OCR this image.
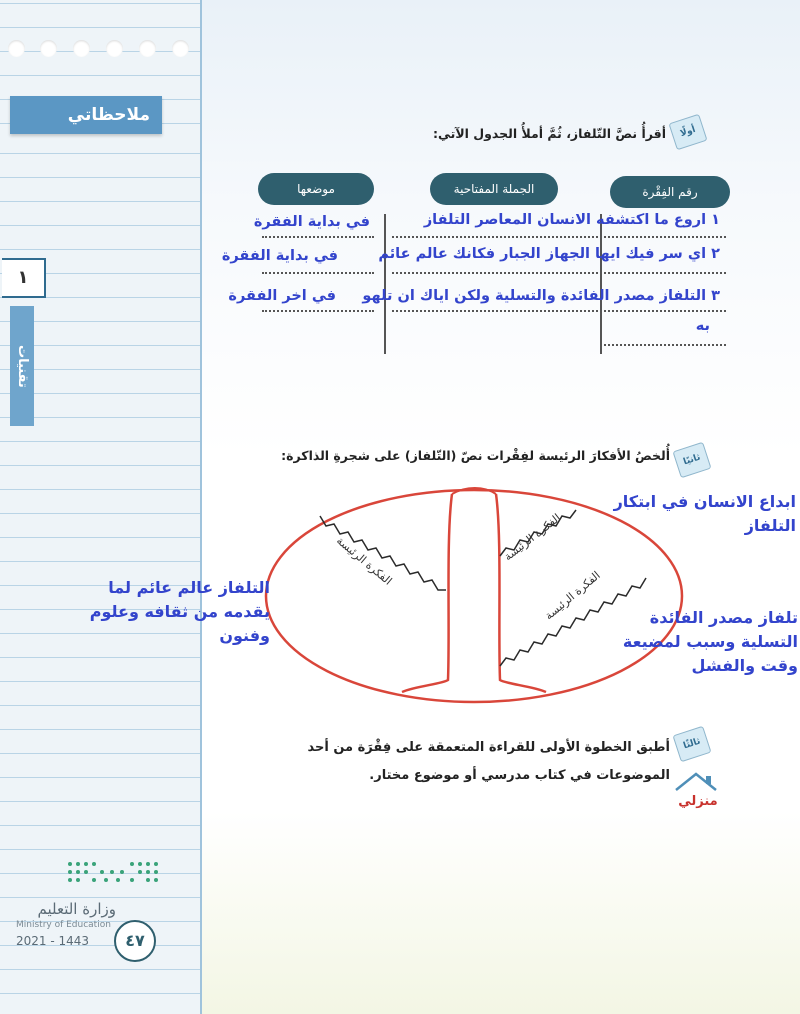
ملاحظاتي
١
تقنيات
وزارة التعليم
Ministry of Education
2021 - 1443	٤٧
أولًا
أقرأُ نصَّ التّلفاز، ثُمَّ أملأُ الجدول الآتي:
رقم الفِقْرة
الجملة المفتاحية
موضعها
١ اروع ما اكتشفه الانسان المعاصر التلفاز
في بداية الفقرة
٢ اي سر فيك ايها الجهاز الجبار فكانك عالم عائم
في بداية الفقرة
٣ التلفاز مصدر الفائدة والتسلية ولكن اياك ان تلهو
في اخر الفقرة
به
ثانيًا
أُلخصُ الأفكارَ الرئيسة لفِقْرات نصّ (التّلفاز) على شجرةِ الذاكرة:
الفكرة الرئيسة	الفكرة الرئيسة
الفكرة الرئيسة
ابداع الانسان في ابتكار
التلفاز
التلفاز عالم عائم لما
يقدمه من ثقافه وعلوم
وفنون
تلفاز مصدر الفائدة
التسلية وسبب لمضيعة
وقت والفشل
ثالثًا
أطبق الخطوة الأولى للقراءة المتعمقة على فِقْرَة من أحد
الموضوعات في كتاب مدرسي أو موضوع مختار.
منزلي
